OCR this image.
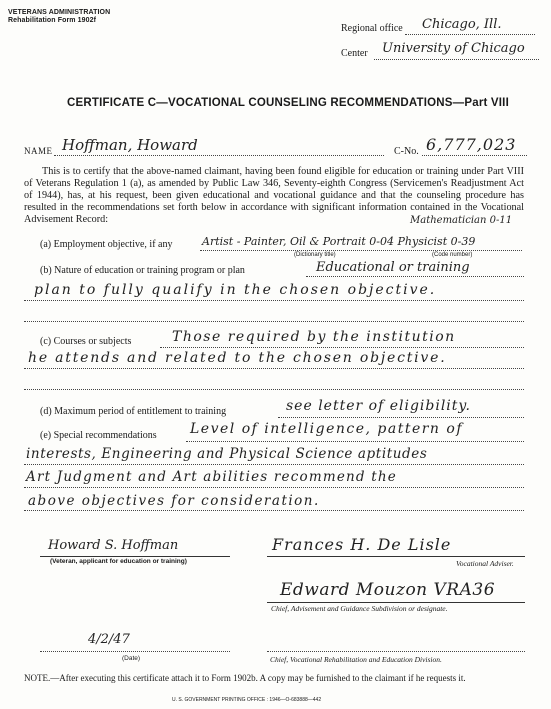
VETERANS ADMINISTRATION
Rehabilitation Form 1902f
Regional office Chicago, Ill.
Center University of Chicago
CERTIFICATE C—VOCATIONAL COUNSELING RECOMMENDATIONS—Part VIII
NAME Hoffman, Howard	C-No. 6,777,023

This is to certify that the above-named claimant, having been found eligible for education or training under Part VIII of Veterans Regulation 1 (a), as amended by Public Law 346, Seventy-eighth Congress (Servicemen's Readjustment Act of 1944), has, at his request, been given educational and vocational guidance and that the counseling procedure has resulted in the recommendations set forth below in accordance with significant information contained in the Vocational Advisement Record:	Mathematician 0-11
(a) Employment objective, if any	Artist - Painter, Oil & Portrait 0-04 Physicist 0-39
(Dictionary title)	(Code number)
(b) Nature of education or training program or plan	Educational or training
plan to fully qualify in the chosen objective.
(c) Courses or subjects	Those required by the institution
he attends and related to the chosen objective.
(d) Maximum period of entitlement to training	see letter of eligibility.
(e) Special recommendations Level of intelligence, pattern of
interests, Engineering and Physical Science aptitudes
Art Judgment and Art abilities recommend the
above objectives for consideration.
Howard S. Hoffman
(Veteran, applicant for education or training)
Frances H. De Lisle
Vocational Adviser.
Edward Mouzon VRA36
Chief, Advisement and Guidance Subdivision or designate.
4/2/47
(Date)	Chief, Vocational Rehabilitation and Education Division.
NOTE.—After executing this certificate attach it to Form 1902b. A copy may be furnished to the claimant if he requests it.
U. S. GOVERNMENT PRINTING OFFICE : 1946—O-683888—442
